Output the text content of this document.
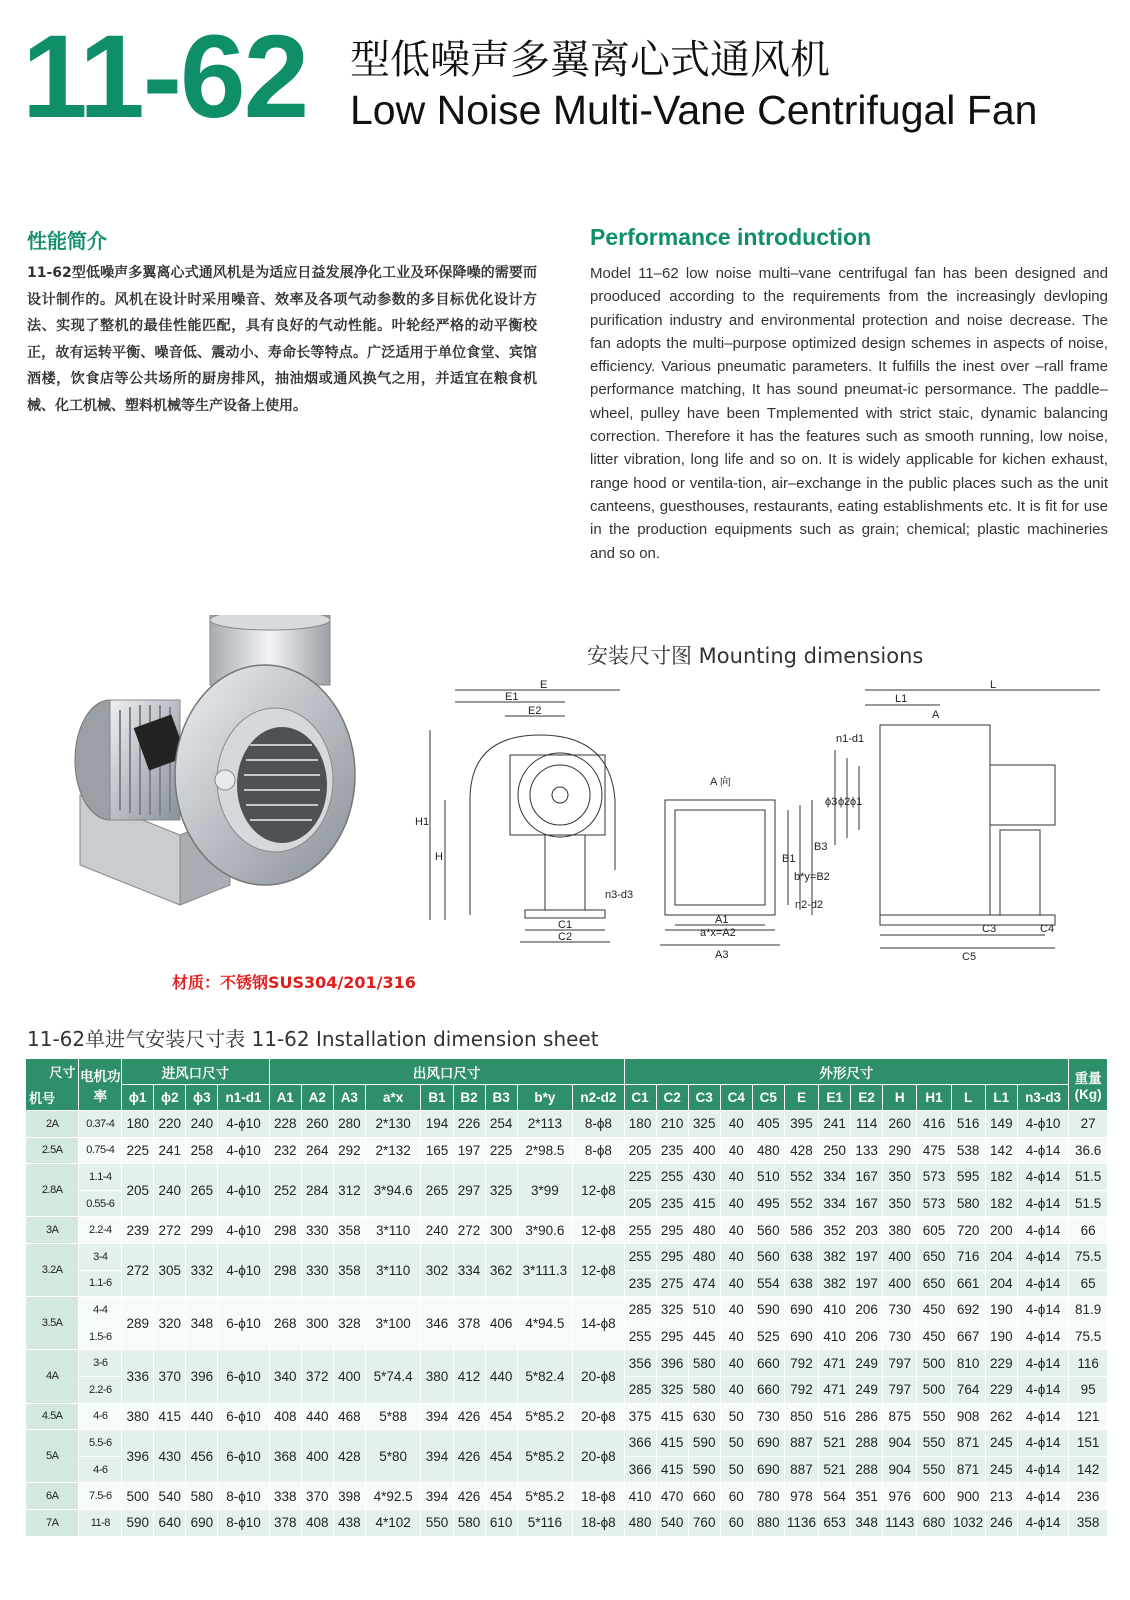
11-62 型低噪声多翼离心式通风机
Low Noise Multi-Vane Centrifugal Fan
性能简介
11-62型低噪声多翼离心式通风机是为适应日益发展净化工业及环保降噪的需要而设计制作的。风机在设计时采用噪音、效率及各项气动参数的多目标优化设计方法、实现了整机的最佳性能匹配，具有良好的气动性能。叶轮经严格的动平衡校正，故有运转平衡、噪音低、震动小、寿命长等特点。广泛适用于单位食堂、宾馆酒楼，饮食店等公共场所的厨房排风，抽油烟或通风换气之用，并适宜在粮食机械、化工机械、塑料机械等生产设备上使用。
Performance introduction
Model 11–62 low noise multi–vane centrifugal fan has been designed and prooduced according to the requirements from the increasingly devloping purification industry and environmental protection and noise decrease. The fan adopts the multi–purpose optimized design schemes in aspects of noise, efficiency. Various pneumatic parameters. It fulfills the inest over –rall frame performance matching, It has sound pneumat-ic persormance. The paddle–wheel, pulley have been Tmplemented with strict staic, dynamic balancing correction. Therefore it has the features such as smooth running, low noise, litter vibration, long life and so on. It is widely applicable for kichen exhaust, range hood or ventila-tion, air–exchange in the public places such as the unit canteens, guesthouses, restaurants, eating establishments etc. It is fit for use in the production equipments such as grain; chemical; plastic machineries and so on.
材质：不锈钢SUS304/201/316
安装尺寸图 Mounting dimensions
E
E1
E2
H1
H
C1
C2
n3-d3
A 向
A1
a*x=A2
A3
B1
b*y=B2
B3
n2-d2
L
L1
A
n1-d1
ϕ3 ϕ2 ϕ1
C3	C4
C5
11-62单进气安装尺寸表 11-62 Installation dimension sheet
尺寸
机号	电机功率	进风口尺寸				出风口尺寸									外形尺寸													重量(Kg)
		ϕ1	ϕ2	ϕ3	n1-d1	A1	A2	A3	a*x	B1	B2	B3	b*y	n2-d2	C1	C2	C3	C4	C5	E	E1	E2	H	H1	L	L1	n3-d3	
2A	0.37-4	180	220	240	4-ϕ10	228	260	280	2*130	194	226	254	2*113	8-ϕ8	180	210	325	40	405	395	241	114	260	416	516	149	4-ϕ10	27
2.5A	0.75-4	225	241	258	4-ϕ10	232	264	292	2*132	165	197	225	2*98.5	8-ϕ8	205	235	400	40	480	428	250	133	290	475	538	142	4-ϕ14	36.6
2.8A	1.1-4	205	240	265	4-ϕ10	252	284	312	3*94.6	265	297	325	3*99	12-ϕ8	225	255	430	40	510	552	334	167	350	573	595	182	4-ϕ14	51.5
	0.55-6														205	235	415	40	495	552	334	167	350	573	580	182	4-ϕ14	51.5
3A	2.2-4	239	272	299	4-ϕ10	298	330	358	3*110	240	272	300	3*90.6	12-ϕ8	255	295	480	40	560	586	352	203	380	605	720	200	4-ϕ14	66
3.2A	3-4	272	305	332	4-ϕ10	298	330	358	3*110	302	334	362	3*111.3	12-ϕ8	255	295	480	40	560	638	382	197	400	650	716	204	4-ϕ14	75.5
	1.1-6														235	275	474	40	554	638	382	197	400	650	661	204	4-ϕ14	65
3.5A	4-4	289	320	348	6-ϕ10	268	300	328	3*100	346	378	406	4*94.5	14-ϕ8	285	325	510	40	590	690	410	206	730	450	692	190	4-ϕ14	81.9
	1.5-6														255	295	445	40	525	690	410	206	730	450	667	190	4-ϕ14	75.5
4A	3-6	336	370	396	6-ϕ10	340	372	400	5*74.4	380	412	440	5*82.4	20-ϕ8	356	396	580	40	660	792	471	249	797	500	810	229	4-ϕ14	116
	2.2-6														285	325	580	40	660	792	471	249	797	500	764	229	4-ϕ14	95
4.5A	4-6	380	415	440	6-ϕ10	408	440	468	5*88	394	426	454	5*85.2	20-ϕ8	375	415	630	50	730	850	516	286	875	550	908	262	4-ϕ14	121
5A	5.5-6	396	430	456	6-ϕ10	368	400	428	5*80	394	426	454	5*85.2	20-ϕ8	366	415	590	50	690	887	521	288	904	550	871	245	4-ϕ14	151
	4-6														366	415	590	50	690	887	521	288	904	550	871	245	4-ϕ14	142
6A	7.5-6	500	540	580	8-ϕ10	338	370	398	4*92.5	394	426	454	5*85.2	18-ϕ8	410	470	660	60	780	978	564	351	976	600	900	213	4-ϕ14	236
7A	11-8	590	640	690	8-ϕ10	378	408	438	4*102	550	580	610	5*116	18-ϕ8	480	540	760	60	880	1136	653	348	1143	680	1032	246	4-ϕ14	358
